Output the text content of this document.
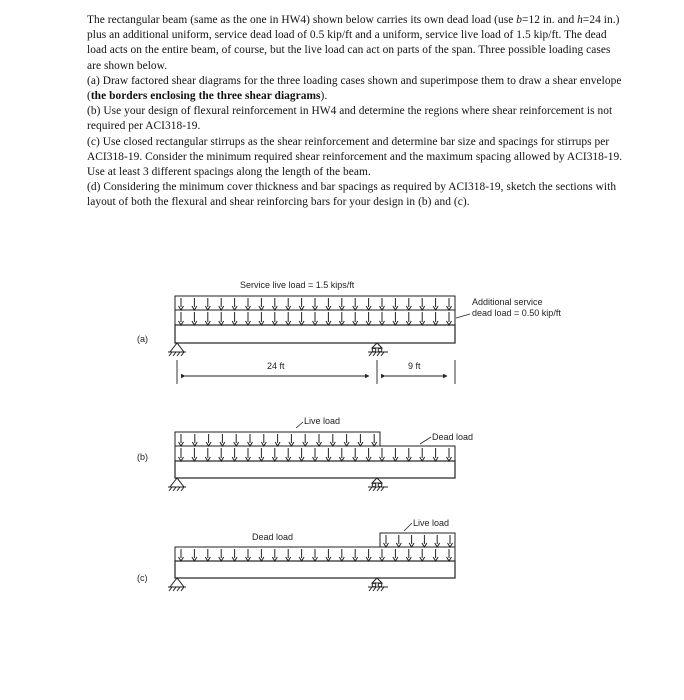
The rectangular beam (same as the one in HW4) shown below carries its own dead load (use b=12 in. and h=24 in.) plus an additional uniform, service dead load of 0.5 kip/ft and a uniform, service live load of 1.5 kip/ft. The dead load acts on the entire beam, of course, but the live load can act on parts of the span. Three possible loading cases are shown below.

(a) Draw factored shear diagrams for the three loading cases shown and superimpose them to draw a shear envelope (the borders enclosing the three shear diagrams).

(b) Use your design of flexural reinforcement in HW4 and determine the regions where shear reinforcement is not required per ACI318-19.

(c) Use closed rectangular stirrups as the shear reinforcement and determine bar size and spacings for stirrups per ACI318-19. Consider the minimum required shear reinforcement and the maximum spacing allowed by ACI318-19. Use at least 3 different spacings along the length of the beam.

(d) Considering the minimum cover thickness and bar spacings as required by ACI318-19, sketch the sections with layout of both the flexural and shear reinforcing bars for your design in (b) and (c).

(a)
Service live load = 1.5 kips/ft
Additional service
dead load = 0.50 kip/ft
24 ft	9 ft
(b)
Live load
Dead load
(c)
Live load
Dead load
